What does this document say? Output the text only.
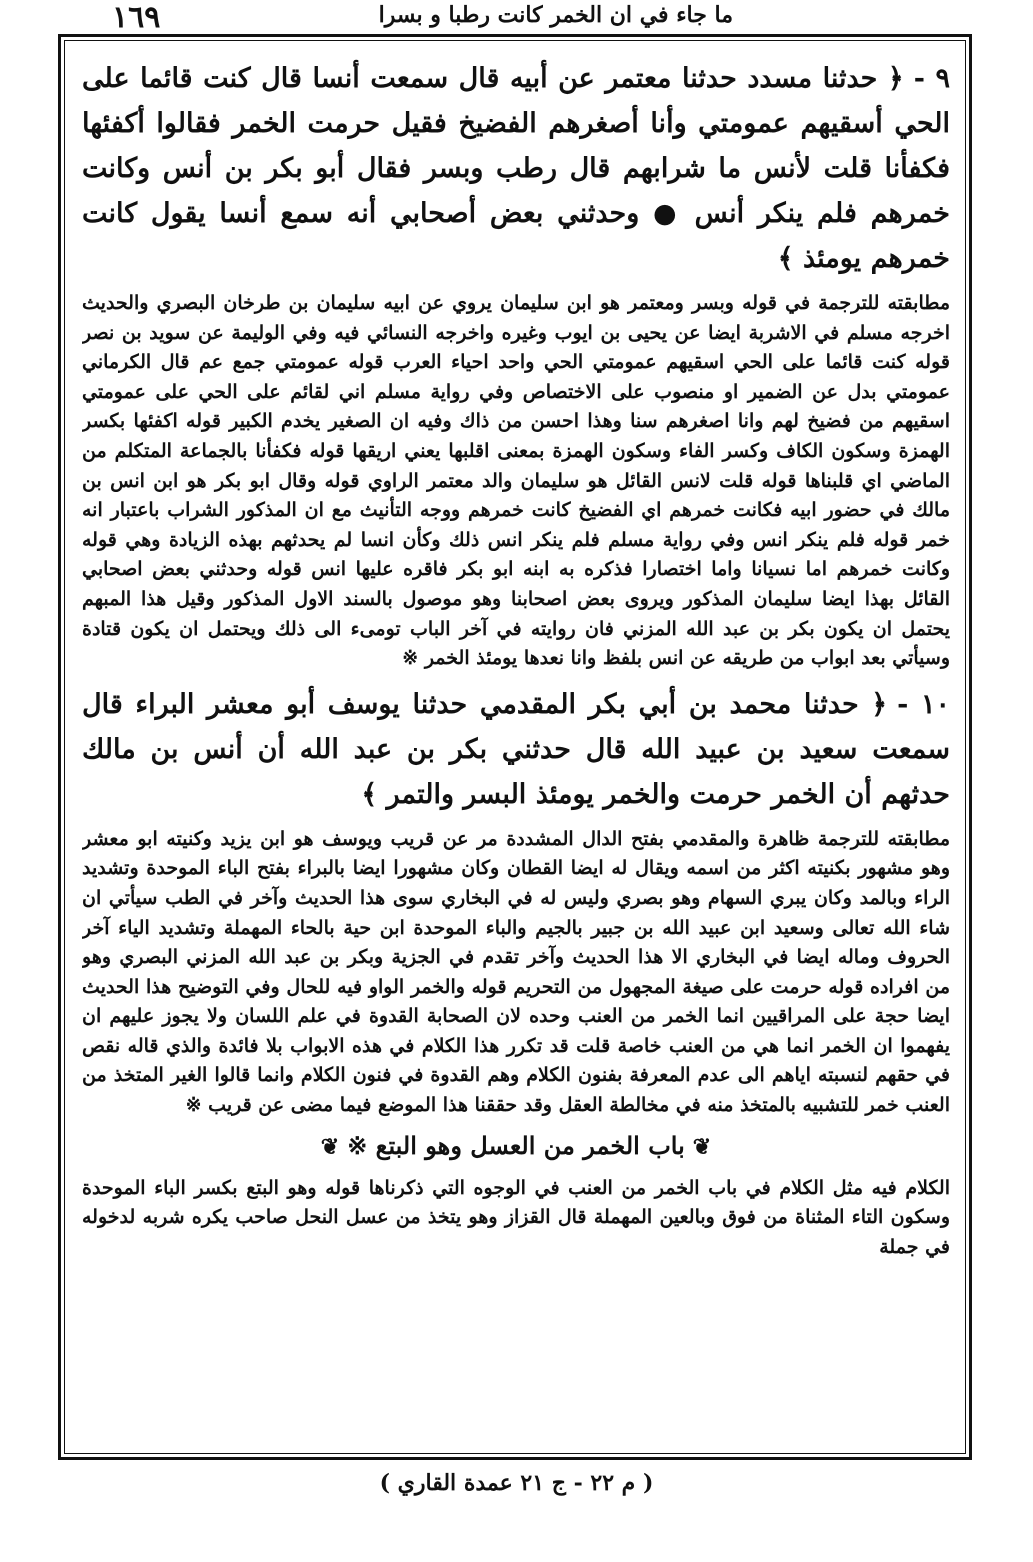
١٦٩	ما جاء في ان الخمر كانت رطبا و بسرا

٩ -﴿ حدثنا مسدد حدثنا معتمر عن أبيه قال سمعت أنسا قال كنت قائما على الحي أسقيهم عمومتي وأنا أصغرهم الفضيخ فقيل حرمت الخمر فقالوا أكفئها فكفأنا قلت لأنس ما شرابهم قال رطب وبسر فقال أبو بكر بن أنس وكانت خمرهم فلم ينكر أنس ● وحدثني بعض أصحابي أنه سمع أنسا يقول كانت خمرهم يومئذ ﴾

مطابقته للترجمة في قوله وبسر ومعتمر هو ابن سليمان يروي عن ابيه سليمان بن طرخان البصري والحديث اخرجه مسلم في الاشربة ايضا عن يحيى بن ايوب وغيره واخرجه النسائي فيه وفي الوليمة عن سويد بن نصر قوله كنت قائما على الحي اسقيهم عمومتي الحي واحد احياء العرب قوله عمومتي جمع عم قال الكرماني عمومتي بدل عن الضمير او منصوب على الاختصاص وفي رواية مسلم اني لقائم على الحي على عمومتي اسقيهم من فضيخ لهم وانا اصغرهم سنا وهذا احسن من ذاك وفيه ان الصغير يخدم الكبير قوله اكفئها بكسر الهمزة وسكون الكاف وكسر الفاء وسكون الهمزة بمعنى اقلبها يعني اريقها قوله فكفأنا بالجماعة المتكلم من الماضي اي قلبناها قوله قلت لانس القائل هو سليمان والد معتمر الراوي قوله وقال ابو بكر هو ابن انس بن مالك في حضور ابيه فكانت خمرهم اي الفضيخ كانت خمرهم ووجه التأنيث مع ان المذكور الشراب باعتبار انه خمر قوله فلم ينكر انس وفي رواية مسلم فلم ينكر انس ذلك وكأن انسا لم يحدثهم بهذه الزيادة وهي قوله وكانت خمرهم اما نسيانا واما اختصارا فذكره به ابنه ابو بكر فاقره عليها انس قوله وحدثني بعض اصحابي القائل بهذا ايضا سليمان المذكور ويروى بعض اصحابنا وهو موصول بالسند الاول المذكور وقيل هذا المبهم يحتمل ان يكون بكر بن عبد الله المزني فان روايته في آخر الباب تومىء الى ذلك ويحتمل ان يكون قتادة وسيأتي بعد ابواب من طريقه عن انس بلفظ وانا نعدها يومئذ الخمر ※

١٠ -﴿ حدثنا محمد بن أبي بكر المقدمي حدثنا يوسف أبو معشر البراء قال سمعت سعيد بن عبيد الله قال حدثني بكر بن عبد الله أن أنس بن مالك حدثهم أن الخمر حرمت والخمر يومئذ البسر والتمر ﴾

مطابقته للترجمة ظاهرة والمقدمي بفتح الدال المشددة مر عن قريب ويوسف هو ابن يزيد وكنيته ابو معشر وهو مشهور بكنيته اكثر من اسمه ويقال له ايضا القطان وكان مشهورا ايضا بالبراء بفتح الباء الموحدة وتشديد الراء وبالمد وكان يبري السهام وهو بصري وليس له في البخاري سوى هذا الحديث وآخر في الطب سيأتي ان شاء الله تعالى وسعيد ابن عبيد الله بن جبير بالجيم والباء الموحدة ابن حية بالحاء المهملة وتشديد الياء آخر الحروف وماله ايضا في البخاري الا هذا الحديث وآخر تقدم في الجزية وبكر بن عبد الله المزني البصري وهو من افراده قوله حرمت على صيغة المجهول من التحريم قوله والخمر الواو فيه للحال وفي التوضيح هذا الحديث ايضا حجة على المراقيين انما الخمر من العنب وحده لان الصحابة القدوة في علم اللسان ولا يجوز عليهم ان يفهموا ان الخمر انما هي من العنب خاصة قلت قد تكرر هذا الكلام في هذه الابواب بلا فائدة والذي قاله نقص في حقهم لنسبته اياهم الى عدم المعرفة بفنون الكلام وهم القدوة في فنون الكلام وانما قالوا الغير المتخذ من العنب خمر للتشبيه بالمتخذ منه في مخالطة العقل وقد حققنا هذا الموضع فيما مضى عن قريب ※

❦باب الخمر من العسل وهو البتع ※❦

الكلام فيه مثل الكلام في باب الخمر من العنب في الوجوه التي ذكرناها قوله وهو البتع بكسر الباء الموحدة وسكون التاء المثناة من فوق وبالعين المهملة قال القزاز وهو يتخذ من عسل النحل صاحب يكره شربه لدخوله في جملة

( م ٢٢ - ج ٢١ عمدة القاري )
